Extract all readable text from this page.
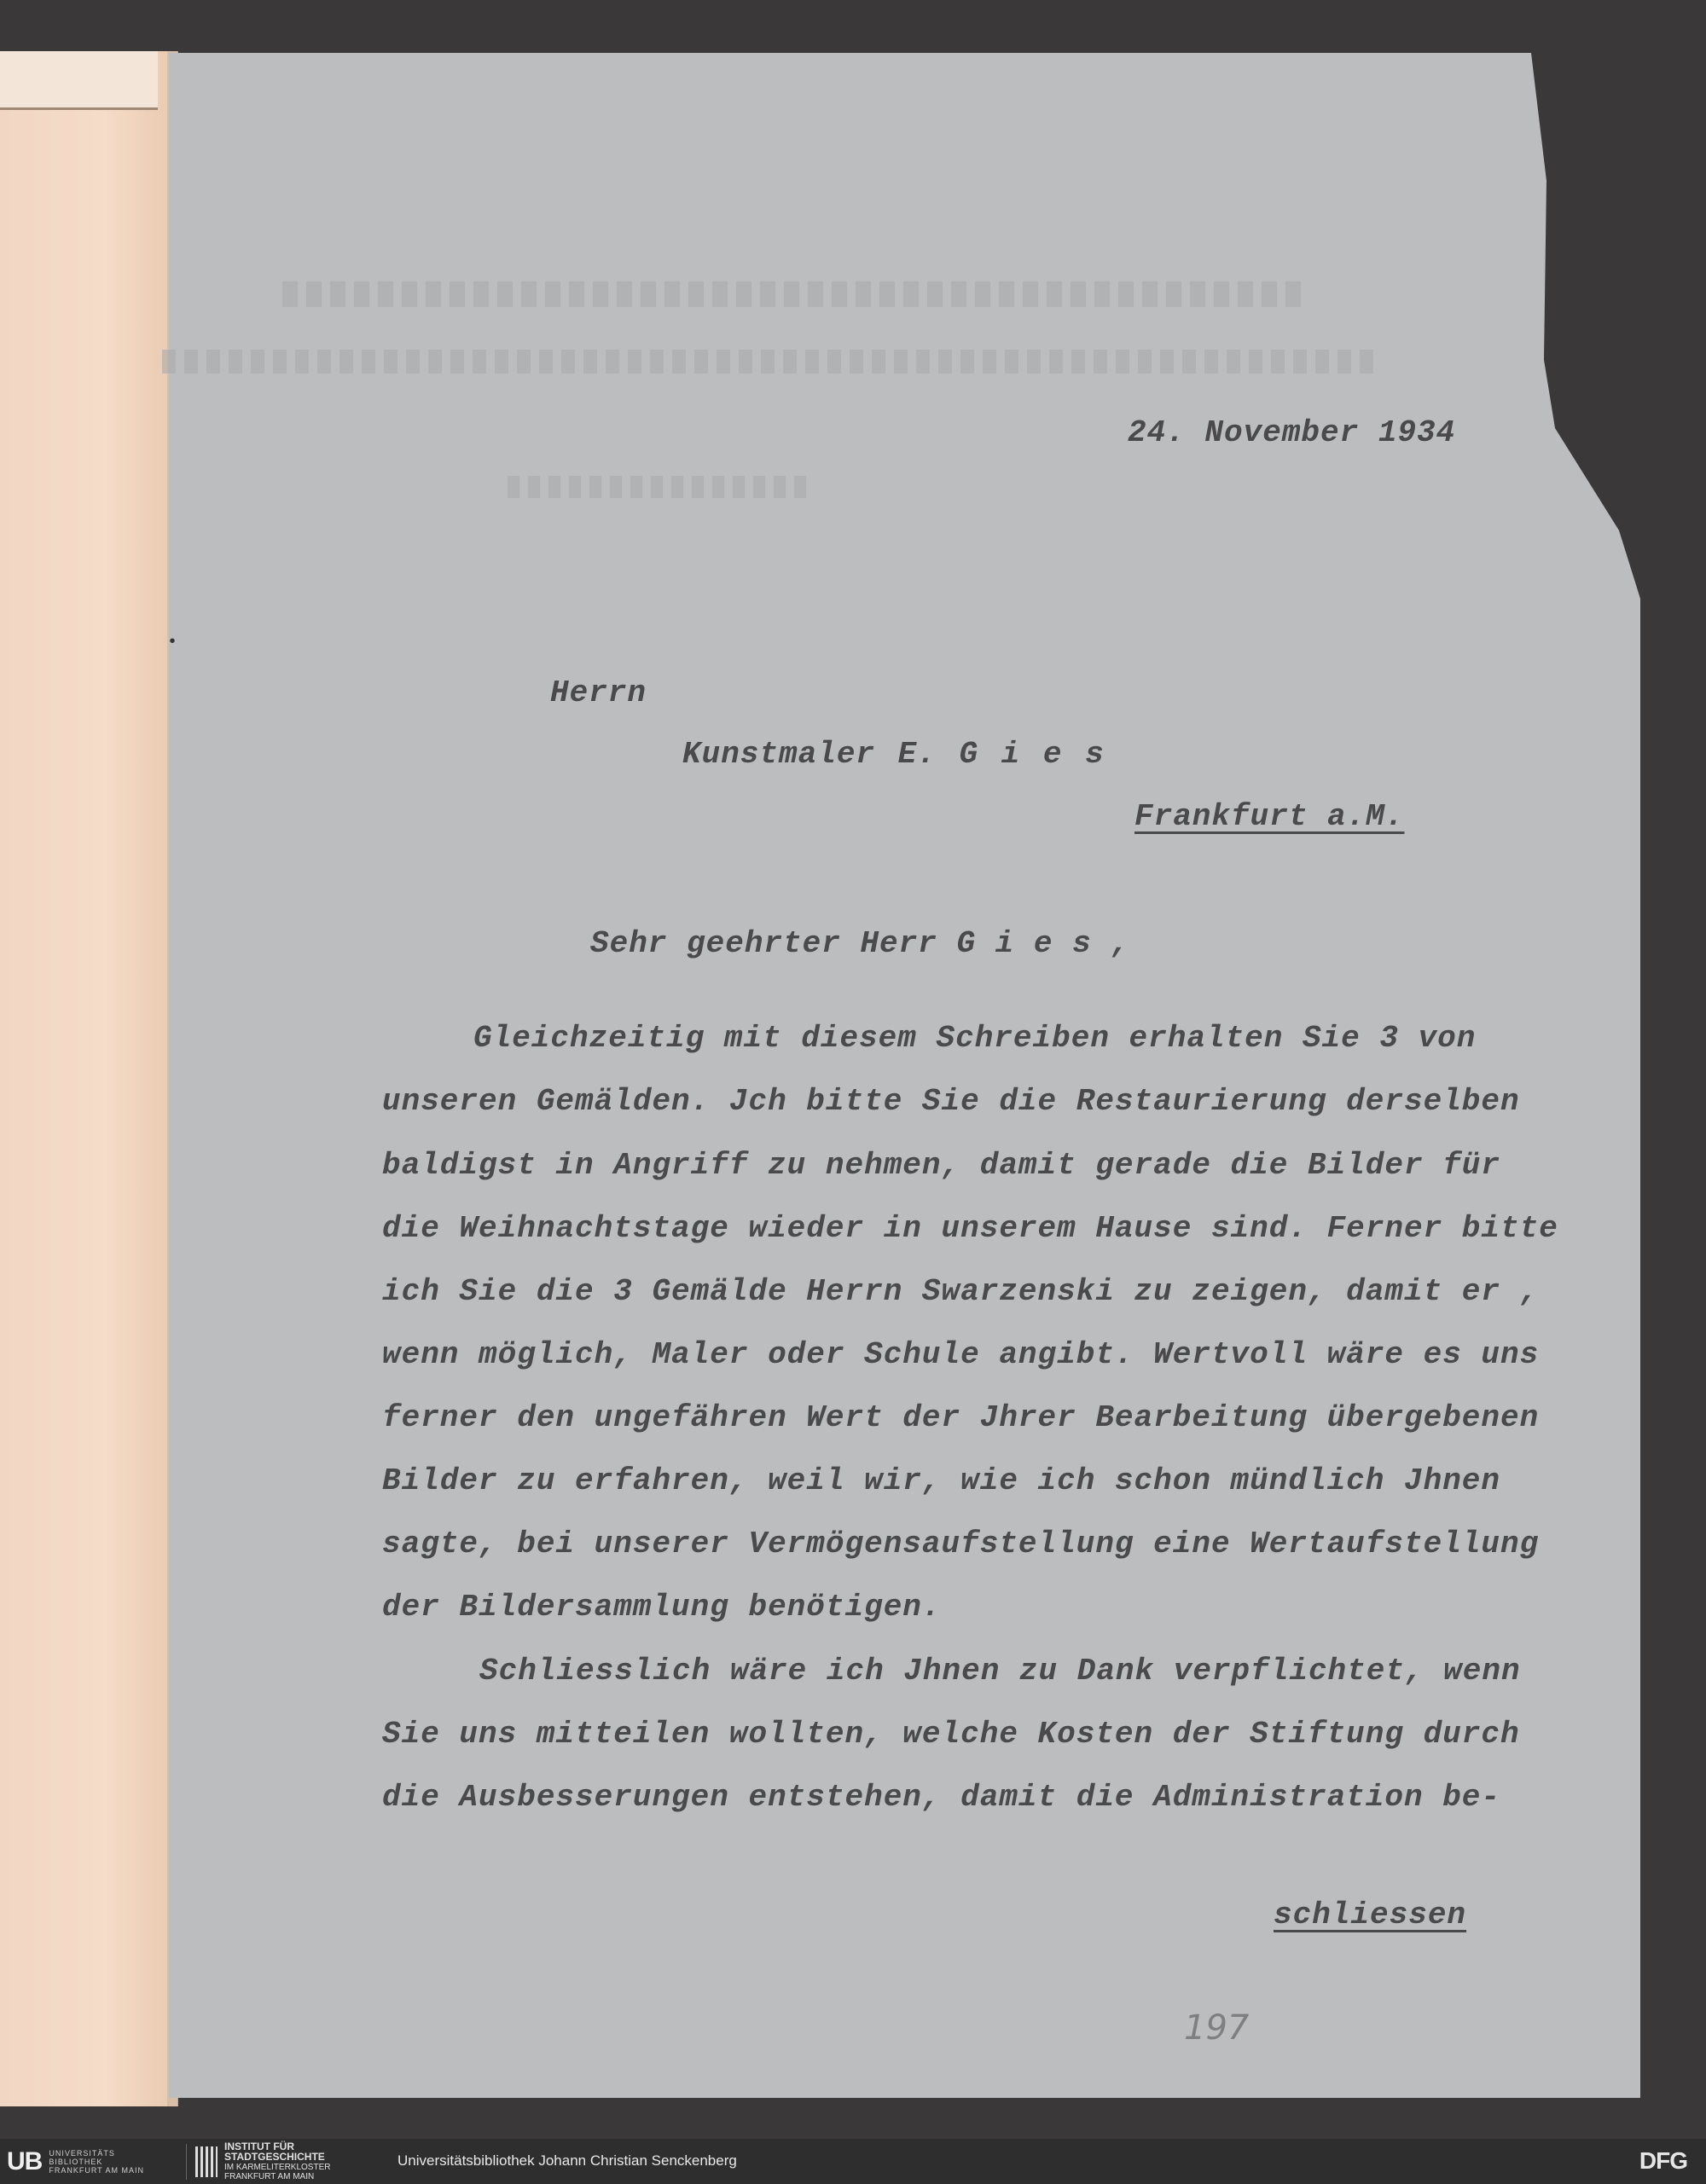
24. November 1934
Herrn
Kunstmaler E. G i e s
Frankfurt a.M.
Sehr geehrter Herr G i e s ,
Gleichzeitig mit diesem Schreiben erhalten Sie 3 von
unseren Gemälden. Jch bitte Sie die Restaurierung derselben
baldigst in Angriff zu nehmen, damit gerade die Bilder für
die Weihnachtstage wieder in unserem Hause sind. Ferner bitte
ich Sie die 3 Gemälde Herrn Swarzenski zu zeigen, damit er ,
wenn möglich, Maler oder Schule angibt. Wertvoll wäre es uns
ferner den ungefähren Wert der Jhrer Bearbeitung übergebenen
Bilder zu erfahren, weil wir, wie ich schon mündlich Jhnen
sagte, bei unserer Vermögensaufstellung eine Wertaufstellung
der Bildersammlung benötigen.
Schliesslich wäre ich Jhnen zu Dank verpflichtet, wenn
Sie uns mitteilen wollten, welche Kosten der Stiftung durch
die Ausbesserungen entstehen, damit die Administration be-
schliessen
197
UB UNIVERSITÄTS
BIBLIOTHEK
FRANKFURT AM MAIN
INSTITUT FÜR
STADTGESCHICHTE
IM KARMELITERKLOSTER
FRANKFURT AM MAIN
Universitätsbibliothek Johann Christian Senckenberg	DFG
